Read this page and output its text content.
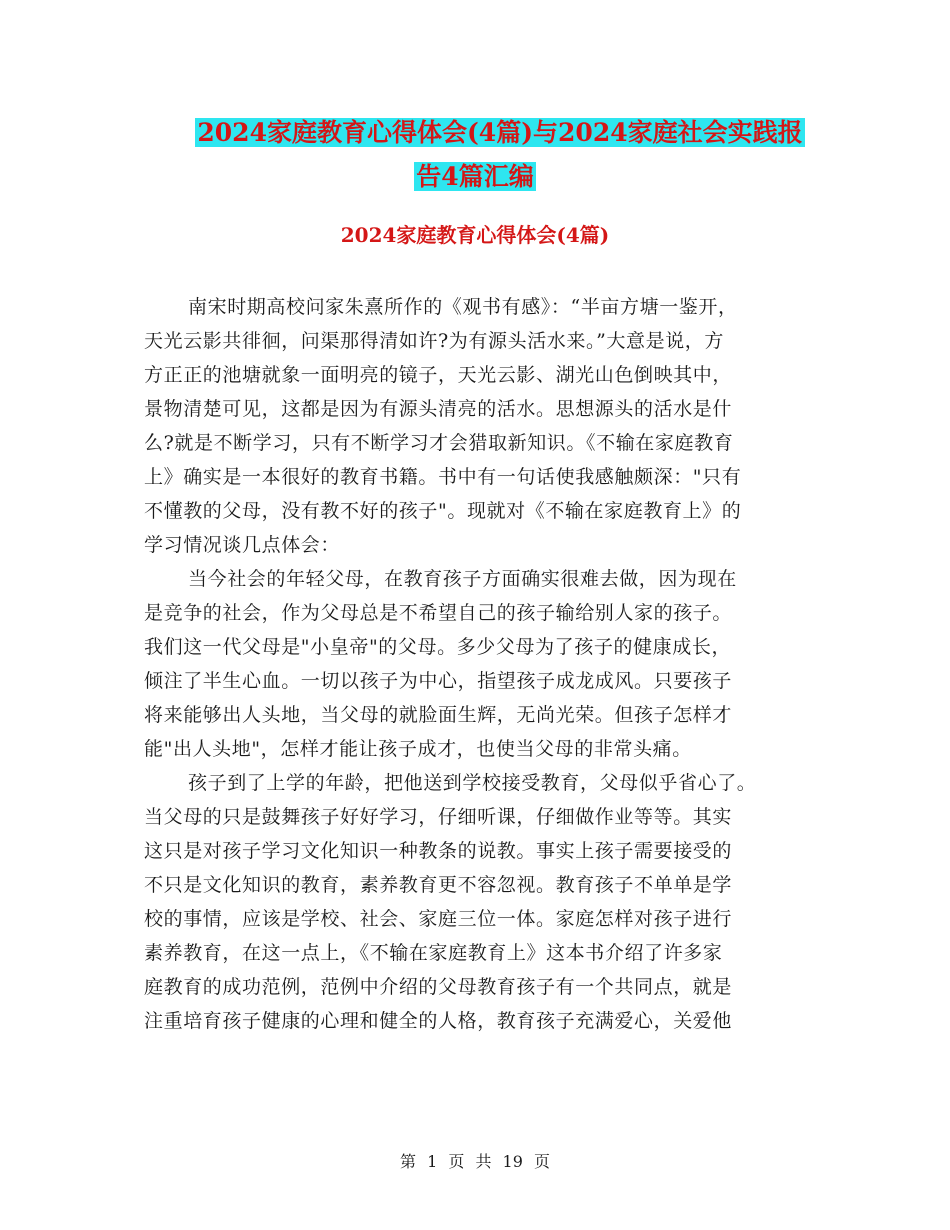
2024家庭教育心得体会(4篇)与2024家庭社会实践报
告4篇汇编
2024家庭教育心得体会(4篇)
南宋时期高校问家朱熹所作的《观书有感》：“半亩方塘一鉴开，
天光云影共徘徊，问渠那得清如许?为有源头活水来。”大意是说，方
方正正的池塘就象一面明亮的镜子，天光云影、湖光山色倒映其中，
景物清楚可见，这都是因为有源头清亮的活水。思想源头的活水是什
么?就是不断学习，只有不断学习才会猎取新知识。《不输在家庭教育
上》确实是一本很好的教育书籍。书中有一句话使我感触颇深："只有
不懂教的父母，没有教不好的孩子"。现就对《不输在家庭教育上》的
学习情况谈几点体会：
当今社会的年轻父母，在教育孩子方面确实很难去做，因为现在
是竞争的社会，作为父母总是不希望自己的孩子输给别人家的孩子。
我们这一代父母是"小皇帝"的父母。多少父母为了孩子的健康成长，
倾注了半生心血。一切以孩子为中心，指望孩子成龙成风。只要孩子
将来能够出人头地，当父母的就脸面生辉，无尚光荣。但孩子怎样才
能"出人头地"，怎样才能让孩子成才，也使当父母的非常头痛。
孩子到了上学的年龄，把他送到学校接受教育，父母似乎省心了。
当父母的只是鼓舞孩子好好学习，仔细听课，仔细做作业等等。其实
这只是对孩子学习文化知识一种教条的说教。事实上孩子需要接受的
不只是文化知识的教育，素养教育更不容忽视。教育孩子不单单是学
校的事情，应该是学校、社会、家庭三位一体。家庭怎样对孩子进行
素养教育，在这一点上，《不输在家庭教育上》这本书介绍了许多家
庭教育的成功范例，范例中介绍的父母教育孩子有一个共同点，就是
注重培育孩子健康的心理和健全的人格，教育孩子充满爱心，关爱他
第 1 页 共 19 页
